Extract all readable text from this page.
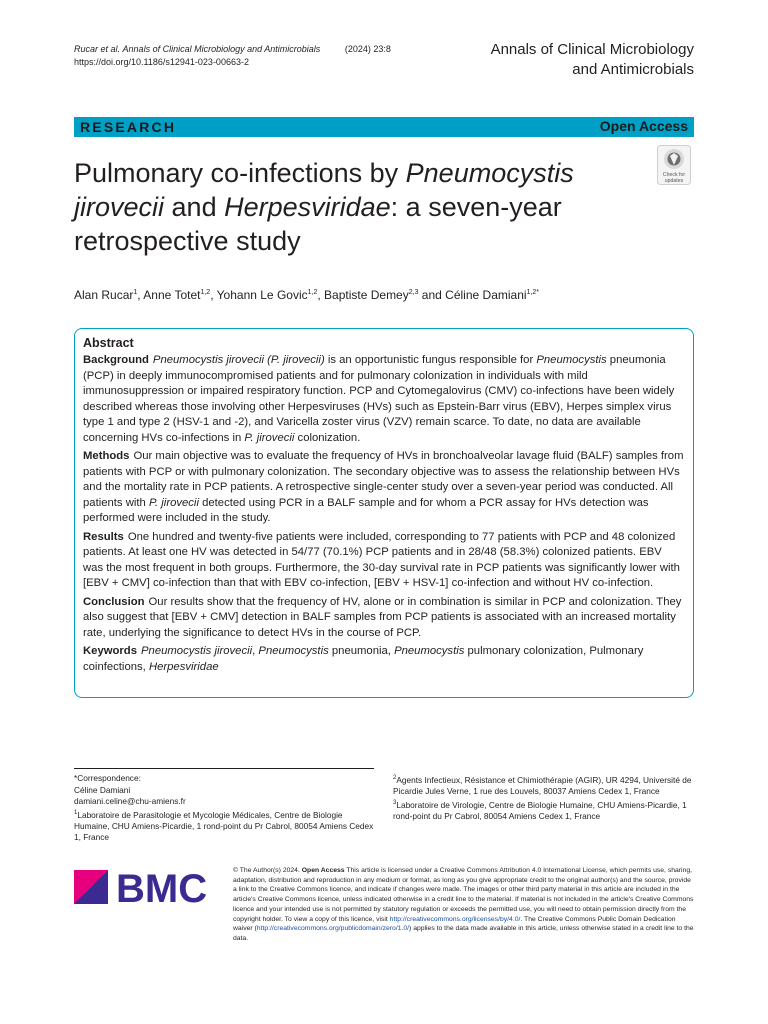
Rucar et al. Annals of Clinical Microbiology and Antimicrobials	(2024) 23:8
https://doi.org/10.1186/s12941-023-00663-2
Annals of Clinical Microbiology
and Antimicrobials
RESEARCH	Open Access
Pulmonary co-infections by Pneumocystis jirovecii and Herpesviridae: a seven-year retrospective study
Check for
updates
Alan Rucar$^1$, Anne Totet$^{1,2}$, Yohann Le Govic$^{1,2}$, Baptiste Demey$^{2,3}$ and Céline Damiani$^{1,2*}$
Abstract

Background Pneumocystis jirovecii (P. jirovecii) is an opportunistic fungus responsible for Pneumocystis pneumonia (PCP) in deeply immunocompromised patients and for pulmonary colonization in individuals with mild immunosuppression or impaired respiratory function. PCP and Cytomegalovirus (CMV) co-infections have been widely described whereas those involving other Herpesviruses (HVs) such as Epstein-Barr virus (EBV), Herpes simplex virus type 1 and type 2 (HSV-1 and -2), and Varicella zoster virus (VZV) remain scarce. To date, no data are available concerning HVs co-infections in P. jirovecii colonization.

Methods Our main objective was to evaluate the frequency of HVs in bronchoalveolar lavage fluid (BALF) samples from patients with PCP or with pulmonary colonization. The secondary objective was to assess the relationship between HVs and the mortality rate in PCP patients. A retrospective single-center study over a seven-year period was conducted. All patients with P. jirovecii detected using PCR in a BALF sample and for whom a PCR assay for HVs detection was performed were included in the study.

Results One hundred and twenty-five patients were included, corresponding to 77 patients with PCP and 48 colonized patients. At least one HV was detected in 54/77 (70.1%) PCP patients and in 28/48 (58.3%) colonized patients. EBV was the most frequent in both groups. Furthermore, the 30-day survival rate in PCP patients was significantly lower with [EBV + CMV] co-infection than that with EBV co-infection, [EBV + HSV-1] co-infection and without HV co-infection.

Conclusion Our results show that the frequency of HV, alone or in combination is similar in PCP and colonization. They also suggest that [EBV + CMV] detection in BALF samples from PCP patients is associated with an increased mortality rate, underlying the significance to detect HVs in the course of PCP.

Keywords Pneumocystis jirovecii, Pneumocystis pneumonia, Pneumocystis pulmonary colonization, Pulmonary coinfections, Herpesviridae

*Correspondence:
Céline Damiani
damiani.celine@chu-amiens.fr
$^1$Laboratoire de Parasitologie et Mycologie Médicales, Centre de Biologie Humaine, CHU Amiens-Picardie, 1 rond-point du Pr Cabrol, 80054 Amiens Cedex 1, France
$^2$Agents Infectieux, Résistance et Chimiothérapie (AGIR), UR 4294, Université de Picardie Jules Verne, 1 rue des Louvels, 80037 Amiens Cedex 1, France
$^3$Laboratoire de Virologie, Centre de Biologie Humaine, CHU Amiens-Picardie, 1 rond-point du Pr Cabrol, 80054 Amiens Cedex 1, France
BMC	© The Author(s) 2024. Open Access This article is licensed under a Creative Commons Attribution 4.0 International License, which permits use, sharing, adaptation, distribution and reproduction in any medium or format, as long as you give appropriate credit to the original author(s) and the source, provide a link to the Creative Commons licence, and indicate if changes were made. The images or other third party material in this article are included in the article's Creative Commons licence, unless indicated otherwise in a credit line to the material. If material is not included in the article's Creative Commons licence and your intended use is not permitted by statutory regulation or exceeds the permitted use, you will need to obtain permission directly from the copyright holder. To view a copy of this licence, visit http://creativecommons.org/licenses/by/4.0/. The Creative Commons Public Domain Dedication waiver (http://creativecommons.org/publicdomain/zero/1.0/) applies to the data made available in this article, unless otherwise stated in a credit line to the data.
